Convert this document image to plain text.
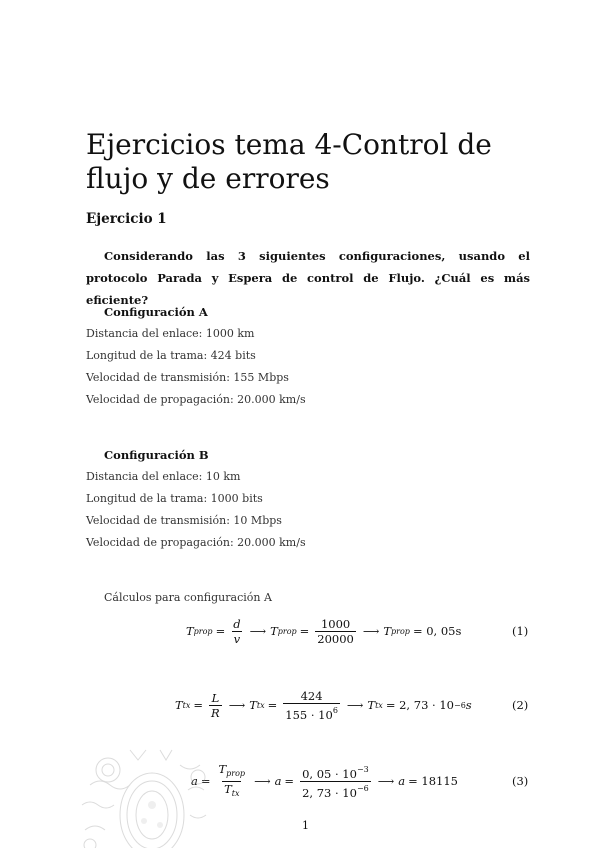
Ejercicios tema 4-Control de flujo y de errores
Ejercicio 1
Considerando las 3 siguientes configuraciones, usando el protocolo Parada y Espera de control de Flujo. ¿Cuál es más eficiente?
Configuración A
Distancia del enlace: 1000 km
Longitud de la trama: 424 bits
Velocidad de transmisión: 155 Mbps
Velocidad de propagación: 20.000 km/s
Configuración B
Distancia del enlace: 10 km
Longitud de la trama: 1000 bits
Velocidad de transmisión: 10 Mbps
Velocidad de propagación: 20.000 km/s
Cálculos para configuración A
T prop = $\frac{d}{v}$ ⟶ T prop = $\frac{1000}{20000}$ ⟶ T prop = 0, 05s	(1)
T tx = $\frac{L}{R}$ ⟶ T tx = $\frac{424}{155 \cdot 10^6}$ ⟶ T tx = 2, 73 · 10 −6 s	(2)
$a = \frac{T_{prop}}{T_{tx}}$ ⟶ $a = \frac{0, 05 \cdot 10^{-3}}{2, 73 \cdot 10^{-6}}$ ⟶ a = 18115	(3)
1
